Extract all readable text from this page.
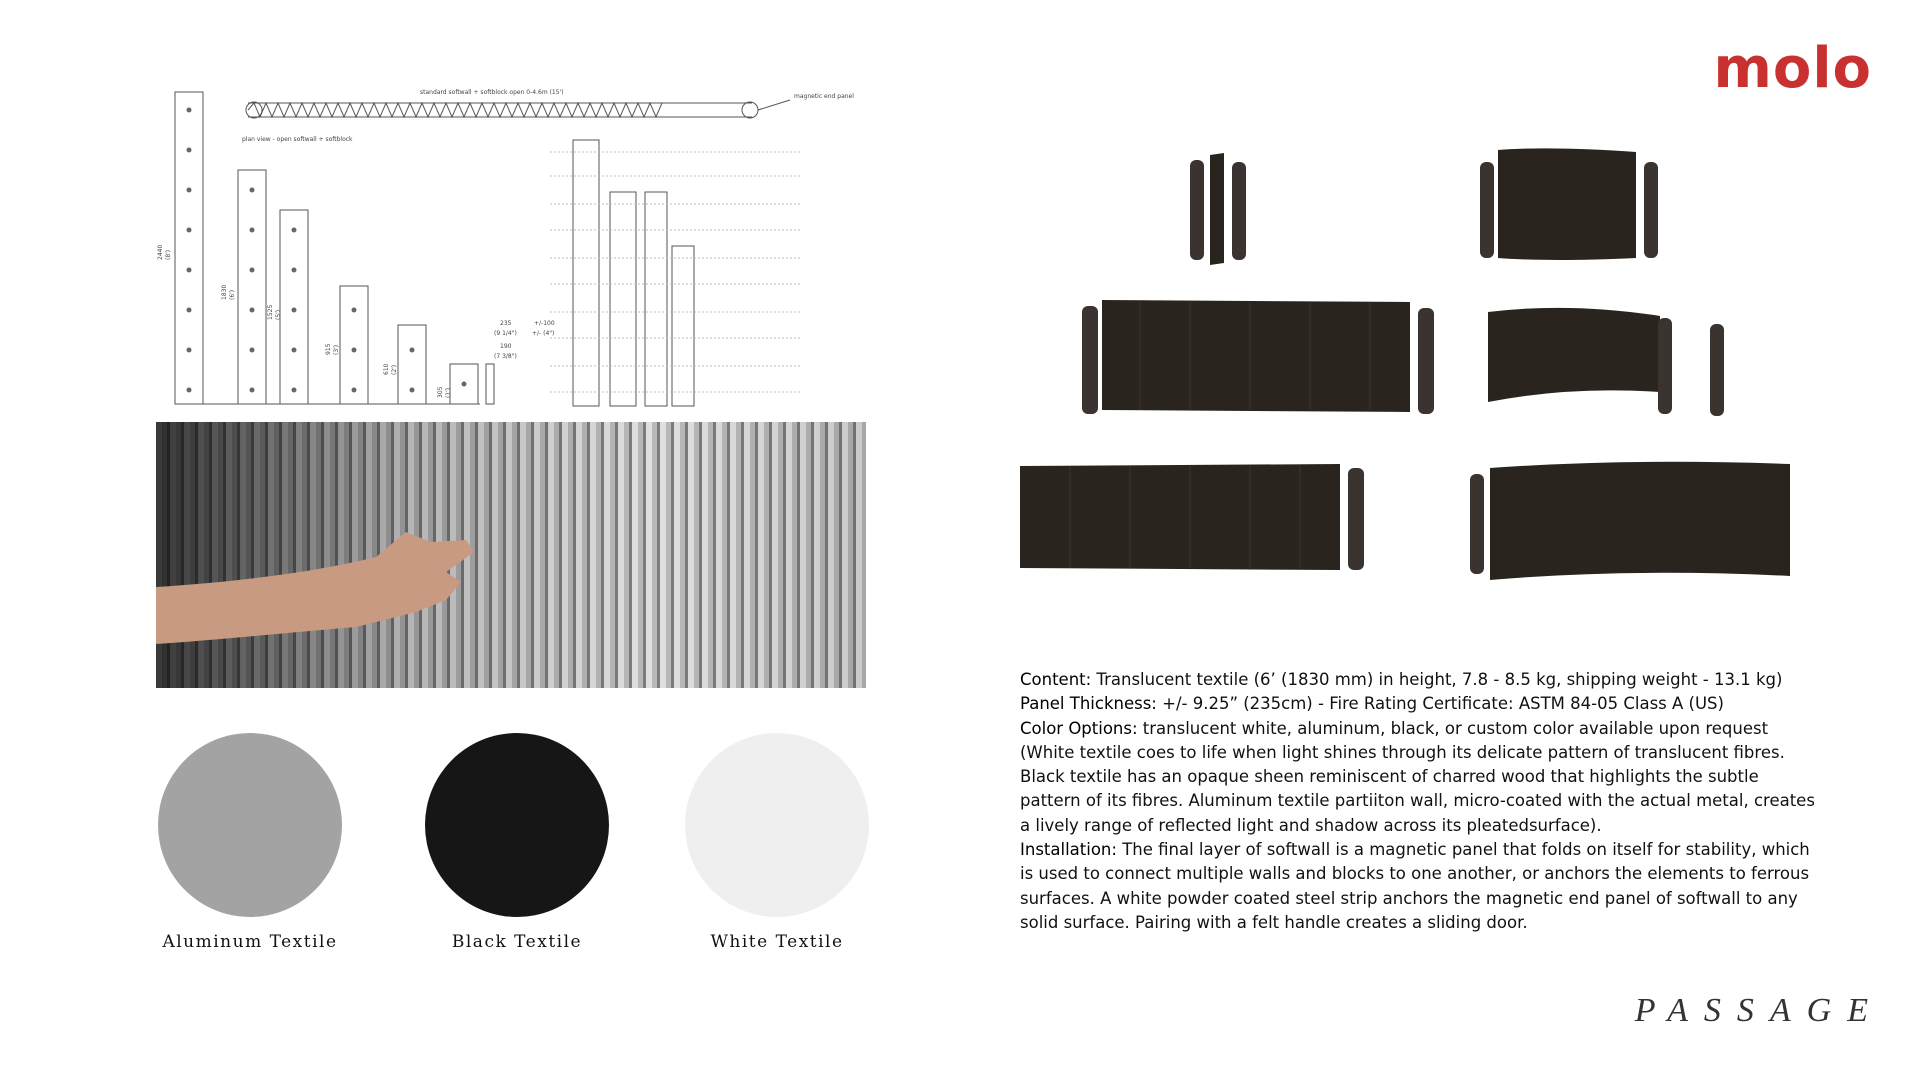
molo
standard softwall + softblock open 0-4.6m (15')
magnetic end panel
plan view - open softwall + softblock
235
(9 1/4")
190
(7 3/8")
+/-100
+/- (4")
2440 (8')
1830 (6')
1525 (5')
915 (3')
610 (2')
305 (1')
Aluminum Textile	Black Textile	White Textile

Content: Translucent textile (6’ (1830 mm) in height, 7.8 - 8.5 kg, shipping weight - 13.1 kg)

Panel Thickness: +/- 9.25” (235cm) - Fire Rating Certificate: ASTM 84-05 Class A (US)

Color Options: translucent white, aluminum, black, or custom color available upon request (White textile coes to life when light shines through its delicate pattern of translucent fibres. Black textile has an opaque sheen reminiscent of charred wood that highlights the subtle pattern of its fibres. Aluminum textile partiiton wall, micro-coated with the actual metal, creates a lively range of reflected light and shadow across its pleatedsurface).

Installation: The final layer of softwall is a magnetic panel that folds on itself for stability, which is used to connect multiple walls and blocks to one another, or anchors the elements to ferrous surfaces. A white powder coated steel strip anchors the magnetic end panel of softwall to any solid surface. Pairing with a felt handle creates a sliding door.

PASSAGE
